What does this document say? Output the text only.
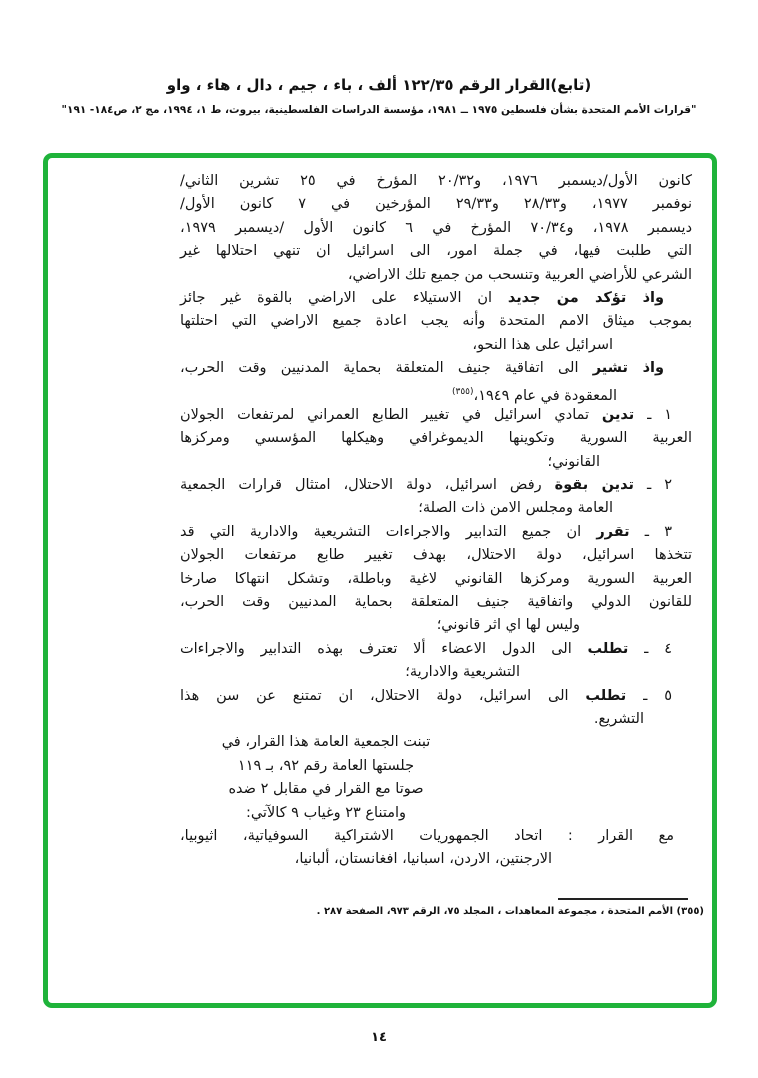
(تابع)القرار الرقم ١٢٢/٣٥ ألف ، باء ، جيم ، دال ، هاء ، واو
"قرارات الأمم المتحدة بشأن فلسطين ١٩٧٥ ــ ١٩٨١، مؤسسة الدراسات الفلسطينية، بيروت، ط ١، ١٩٩٤، مج ٢، ص١٨٤- ١٩١"
كانون الأول/ديسمبر ١٩٧٦، و٢٠/٣٢ المؤرخ في ٢٥ تشرين الثاني/
نوفمبر ١٩٧٧، و٢٨/٣٣ و٢٩/٣٣ المؤرخين في ٧ كانون الأول/
ديسمبر ١٩٧٨، و٧٠/٣٤ المؤرخ في ٦ كانون الأول /ديسمبر ١٩٧٩،
التي طلبت فيها، في جملة امور، الى اسرائيل ان تنهي احتلالها غير
الشرعي للأراضي العربية وتنسحب من جميع تلك الاراضي،
واذ تؤكد من جديد ان الاستيلاء على الاراضي بالقوة غير جائز
بموجب ميثاق الامم المتحدة وأنه يجب اعادة جميع الاراضي التي احتلتها
اسرائيل على هذا النحو،
واذ تشير الى اتفاقية جنيف المتعلقة بحماية المدنيين وقت الحرب،
المعقودة في عام ١٩٤٩،$^{(٣٥٥)}$
١ ـ تدين تمادي اسرائيل في تغيير الطابع العمراني لمرتفعات الجولان
العربية السورية وتكوينها الديموغرافي وهيكلها المؤسسي ومركزها
القانوني؛
٢ ـ تدين بقوة رفض اسرائيل، دولة الاحتلال، امتثال قرارات الجمعية
العامة ومجلس الامن ذات الصلة؛
٣ ـ تقرر ان جميع التدابير والاجراءات التشريعية والادارية التي قد
تتخذها اسرائيل، دولة الاحتلال، بهدف تغيير طابع مرتفعات الجولان
العربية السورية ومركزها القانوني لاغية وباطلة، وتشكل انتهاكا صارخا
للقانون الدولي واتفاقية جنيف المتعلقة بحماية المدنيين وقت الحرب،
وليس لها اي اثر قانوني؛
٤ ـ تطلب الى الدول الاعضاء ألا تعترف بهذه التدابير والاجراءات
التشريعية والادارية؛
٥ ـ تطلب الى اسرائيل، دولة الاحتلال، ان تمتنع عن سن هذا
التشريع.
تبنت الجمعية العامة هذا القرار، في
جلستها العامة رقم ٩٢، بـ ١١٩
صوتا مع القرار في مقابل ٢ ضده
وامتناع ٢٣ وغياب ٩ كالآتي:
مع القرار : اتحاد الجمهوريات الاشتراكية السوفياتية، اثيوبيا،
الارجنتين، الاردن، اسبانيا، افغانستان، ألبانيا،
(٣٥٥) الأمم المتحدة ، مجموعة المعاهدات ، المجلد ٧٥، الرقم ٩٧٣، الصفحة ٢٨٧ .
١٤
